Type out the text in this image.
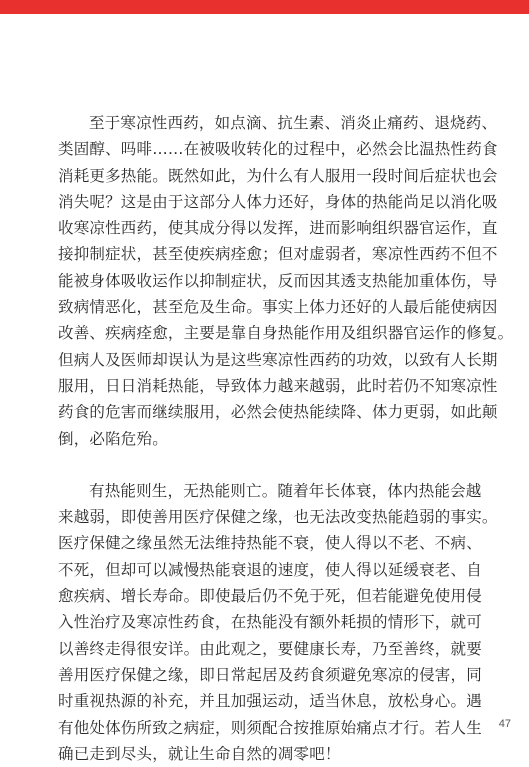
至于寒凉性西药，如点滴、抗生素、消炎止痛药、退烧药、
类固醇、吗啡……在被吸收转化的过程中，必然会比温热性药食
消耗更多热能。既然如此，为什么有人服用一段时间后症状也会
消失呢？这是由于这部分人体力还好，身体的热能尚足以消化吸
收寒凉性西药，使其成分得以发挥，进而影响组织器官运作，直
接抑制症状，甚至使疾病痊愈；但对虚弱者，寒凉性西药不但不
能被身体吸收运作以抑制症状，反而因其透支热能加重体伤，导
致病情恶化，甚至危及生命。事实上体力还好的人最后能使病因
改善、疾病痊愈，主要是靠自身热能作用及组织器官运作的修复。
但病人及医师却误认为是这些寒凉性西药的功效，以致有人长期
服用，日日消耗热能，导致体力越来越弱，此时若仍不知寒凉性
药食的危害而继续服用，必然会使热能续降、体力更弱，如此颠
倒，必陷危殆。

有热能则生，无热能则亡。随着年长体衰，体内热能会越
来越弱，即使善用医疗保健之缘，也无法改变热能趋弱的事实。
医疗保健之缘虽然无法维持热能不衰，使人得以不老、不病、
不死，但却可以减慢热能衰退的速度，使人得以延缓衰老、自
愈疾病、增长寿命。即使最后仍不免于死，但若能避免使用侵
入性治疗及寒凉性药食，在热能没有额外耗损的情形下，就可
以善终走得很安详。由此观之，要健康长寿，乃至善终，就要
善用医疗保健之缘，即日常起居及药食须避免寒凉的侵害，同
时重视热源的补充，并且加强运动，适当休息，放松身心。遇
有他处体伤所致之病症，则须配合按推原始痛点才行。若人生
确已走到尽头，就让生命自然的凋零吧！

47
